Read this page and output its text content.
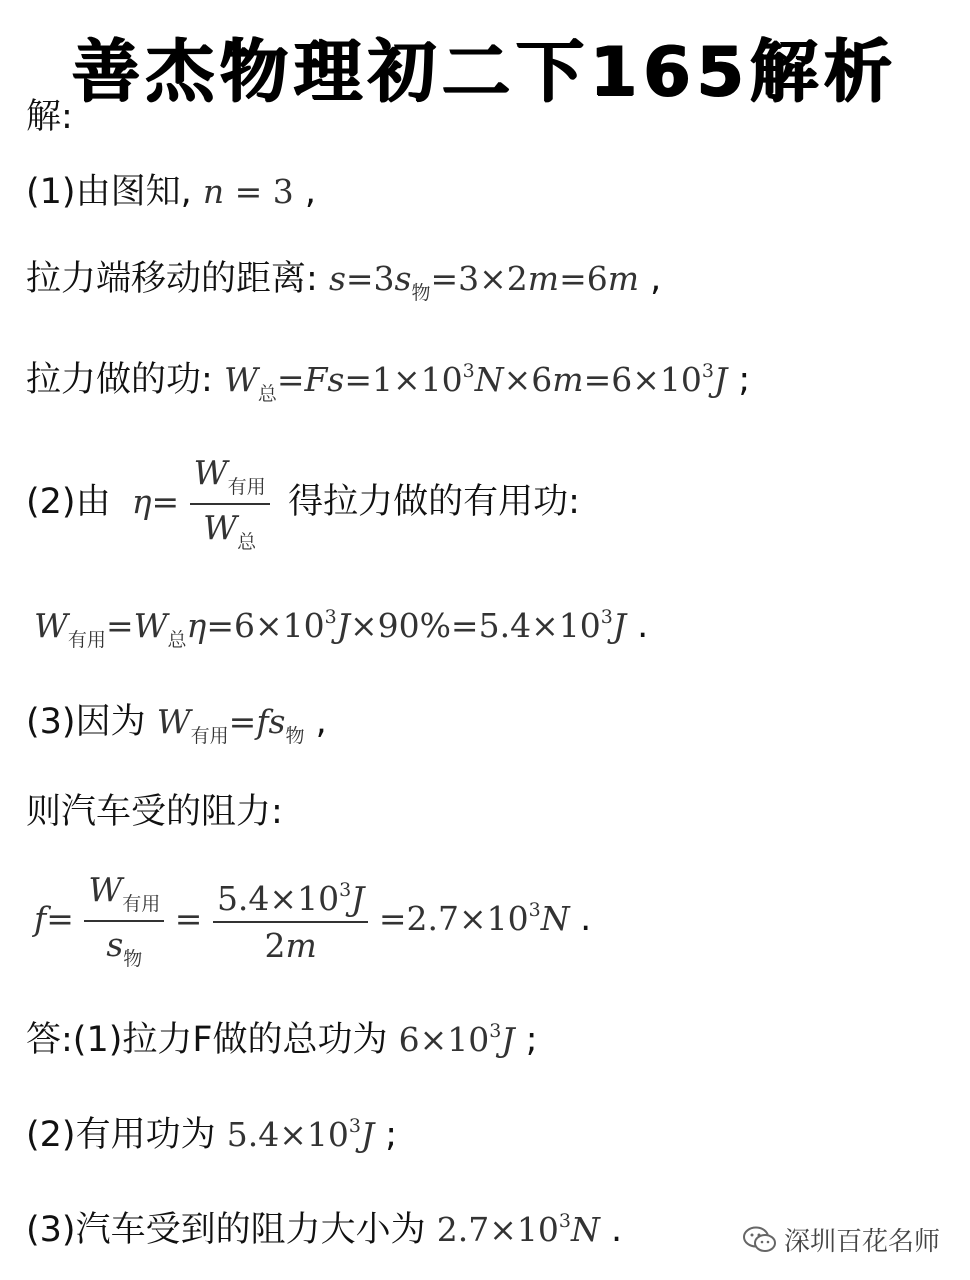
善杰物理初二下165解析
解:
(1)由图知, n = 3 ,
拉力端移动的距离: $s=3s_物=3\times 2m=6m$ ,
拉力做的功: $W_总=Fs=1\times 10^3N\times 6m=6\times 10^3J$ ;
(2)由 $\eta= \frac{W_{有用}}{W_总}$ 得拉力做的有用功:
$W_{有用}=W_总\eta=6\times 10^3J\times 90\%=5.4\times 10^3J$ .
(3)因为 $W_{有用}=fs_物$ ,
则汽车受的阻力:
$f= \frac{W_{有用}}{s_物} = \frac{5.4\times 10^3J}{2m} =2.7\times 10^3N$ .
答:(1)拉力F做的总功为 $6\times 10^3J$ ;
(2)有用功为 $5.4\times 10^3J$ ;
(3)汽车受到的阻力大小为 $2.7\times 10^3N$ .	深圳百花名师
